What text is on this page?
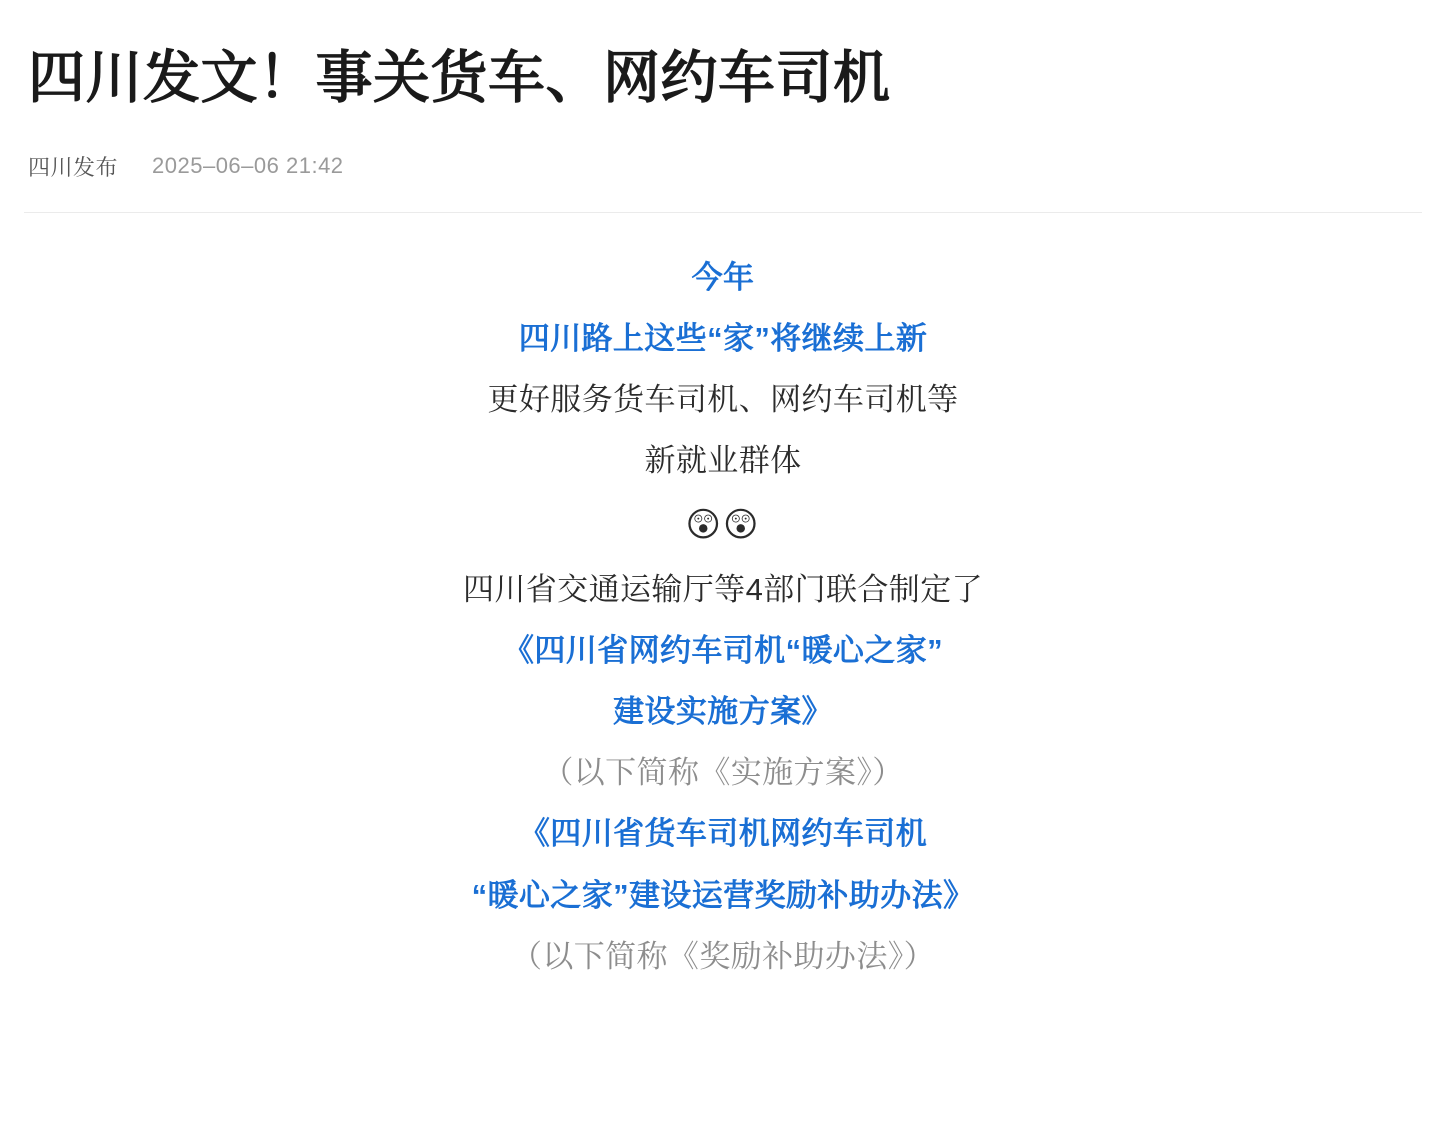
四川发文！事关货车、网约车司机
四川发布 2025–06–06 21:42

今年

四川路上这些“家”将继续上新

更好服务货车司机、网约车司机等

新就业群体

😲😲

四川省交通运输厅等4部门联合制定了

《四川省网约车司机“暖心之家”

建设实施方案》

（以下简称《实施方案》）

《四川省货车司机网约车司机

“暖心之家”建设运营奖励补助办法》

（以下简称《奖励补助办法》）
